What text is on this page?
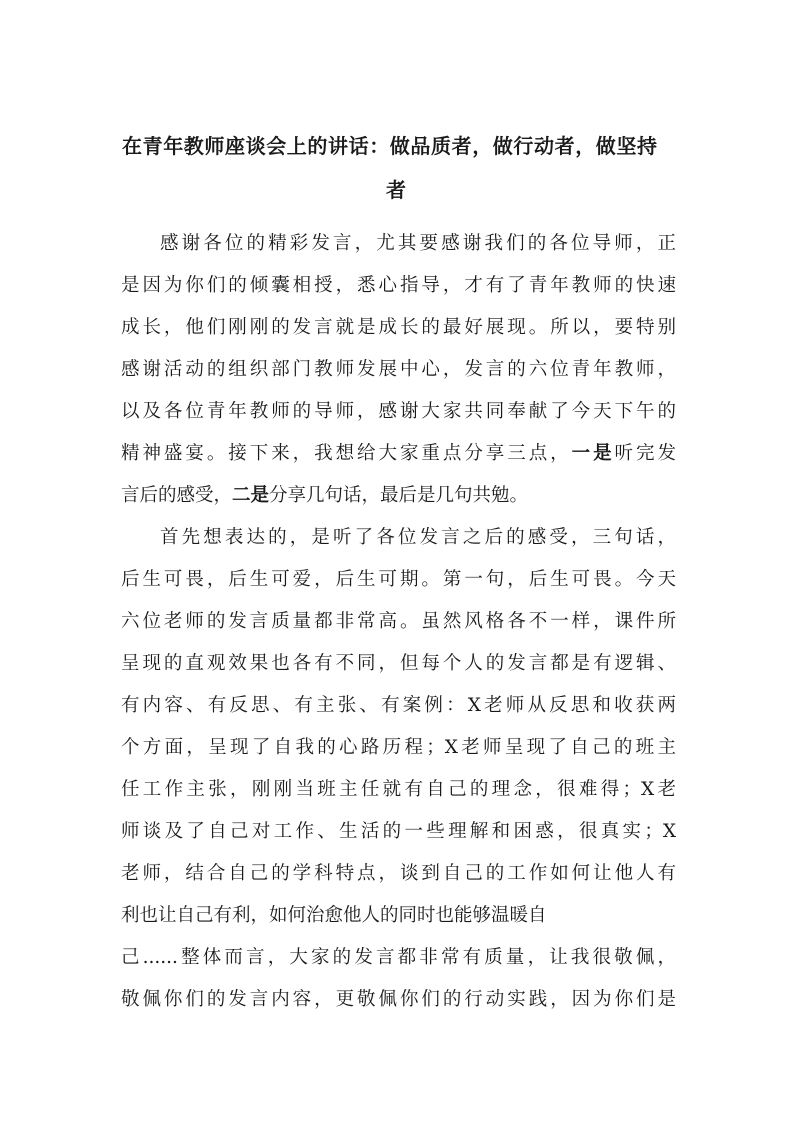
在青年教师座谈会上的讲话：做品质者，做行动者，做坚持
者
感谢各位的精彩发言，尤其要感谢我们的各位导师，正
是因为你们的倾囊相授，悉心指导，才有了青年教师的快速
成长，他们刚刚的发言就是成长的最好展现。所以，要特别
感谢活动的组织部门教师发展中心，发言的六位青年教师，
以及各位青年教师的导师，感谢大家共同奉献了今天下午的
精神盛宴。接下来，我想给大家重点分享三点，一是听完发
言后的感受，二是分享几句话，最后是几句共勉。
首先想表达的，是听了各位发言之后的感受，三句话，
后生可畏，后生可爱，后生可期。第一句，后生可畏。今天
六位老师的发言质量都非常高。虽然风格各不一样，课件所
呈现的直观效果也各有不同，但每个人的发言都是有逻辑、
有内容、有反思、有主张、有案例：X老师从反思和收获两
个方面，呈现了自我的心路历程；X老师呈现了自己的班主
任工作主张，刚刚当班主任就有自己的理念，很难得；X老
师谈及了自己对工作、生活的一些理解和困惑，很真实；X
老师，结合自己的学科特点，谈到自己的工作如何让他人有
利也让自己有利，如何治愈他人的同时也能够温暖自
己......整体而言，大家的发言都非常有质量，让我很敬佩，
敬佩你们的发言内容，更敬佩你们的行动实践，因为你们是
